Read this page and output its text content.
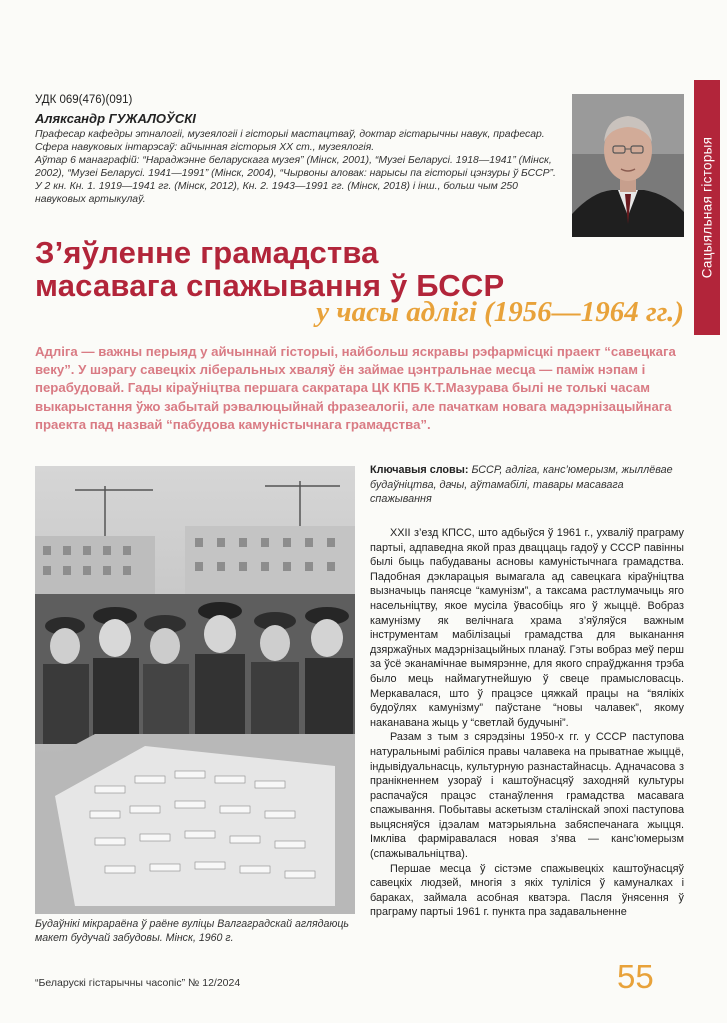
Сацыяльная гісторыя
УДК 069(476)(091)
Аляксандр ГУЖАЛОЎСКІ

Прафесар кафедры этналогіі, музеялогіі і гісторыі мастацтваў, доктар гістарычны навук, прафесар.

Сфера навуковых інтарэсаў: айчынная гісторыя ХХ ст., музеялогія.

Аўтар 6 манаграфій: “Нараджэнне беларускага музея” (Мінск, 2001), “Музеі Беларусі. 1918—1941” (Мінск, 2002), “Музеі Беларусі. 1941—1991” (Мінск, 2004), “Чырвоны аловак: нарысы па гісторыі цэнзуры ў БССР”. У 2 кн. Кн. 1. 1919—1941 гг. (Мінск, 2012), Кн. 2. 1943—1991 гг. (Мінск, 2018) і інш., больш чым 250 навуковых артыкулаў.

З’яўленне грамадства
масавага спажывання ў БССР
у часы адлігі (1956—1964 гг.)
Адліга — важны перыяд у айчыннай гісторыі, найбольш яскравы рэфармісцкі праект “савецкага веку”. У шэрагу савецкіх ліберальных хваляў ён займае цэнтральнае месца — паміж нэпам і перабудовай. Гады кіраўніцтва першага сакратара ЦК КПБ К.Т.Мазурава былі не толькі часам выкарыстання ўжо забытай рэвалюцыйнай фразеалогіі, але пачаткам новага мадэрнізацыйнага праекта пад назвай “пабудова камуністычнага грамадства”.
Ключавыя словы: БССР, адліга, канс’юмерызм, жыллёвае будаўніцтва, дачы, аўтамабілі, тавары масавага спажывання
Будаўнікі мікрараёна ў раёне вуліцы Валгаградскай аглядаюць макет будучай забудовы. Мінск, 1960 г.

ХХІІ з’езд КПСС, што адбыўся ў 1961 г., ухваліў праграму партыі, адпаведна якой праз дваццаць гадоў у СССР павінны былі быць пабудаваны асновы камуністычнага грамадства. Падобная дэкларацыя вымагала ад савецкага кіраўніцтва вызначыць панясце “камунізм”, а таксама растлумачыць яго насельніцтву, якое мусіла ўвасобіць яго ў жыццё. Вобраз камунізму як велічнага храма з’яўляўся важным інструментам мабілізацыі грамадства для выканання дзяржаўных мадэрнізацыйных планаў. Гэты вобраз меў перш за ўсё эканамічнае вымярэнне, для якого спраўджання трэба было мець наймагутнейшую ў свеце прамысловасць. Меркавалася, што ў працэсе цяжкай працы на “вялікіх будоўлях камунізму” паўстане “новы чалавек”, якому наканавана жыць у “светлай будучыні”.

Разам з тым з сярэдзіны 1950-х гг. у СССР паступова натуральнымі рабіліся правы чалавека на прыватнае жыццё, індывідуальнасць, культурную разнастайнасць. Адначасова з пранікненнем узораў і каштоўнасцяў заходняй культуры распачаўся працэс станаўлення грамадства масавага спажывання. Побытавы аскетызм сталінскай эпохі паступова выцясняўся ідэалам матэрыяльна забяспечанага жыцця. Імкліва фарміравалася новая з’ява — канс’юмерызм (спажывальніцтва).

Першае месца ў сістэме спажывецкіх каштоўнасцяў савецкіх людзей, многія з якіх туліліся ў камуналках і бараках, займала асобная кватэра. Пасля ўнясення ў праграму партыі 1961 г. пункта пра задавальненне

“Беларускі гістарычны часопіс” № 12/2024	55
